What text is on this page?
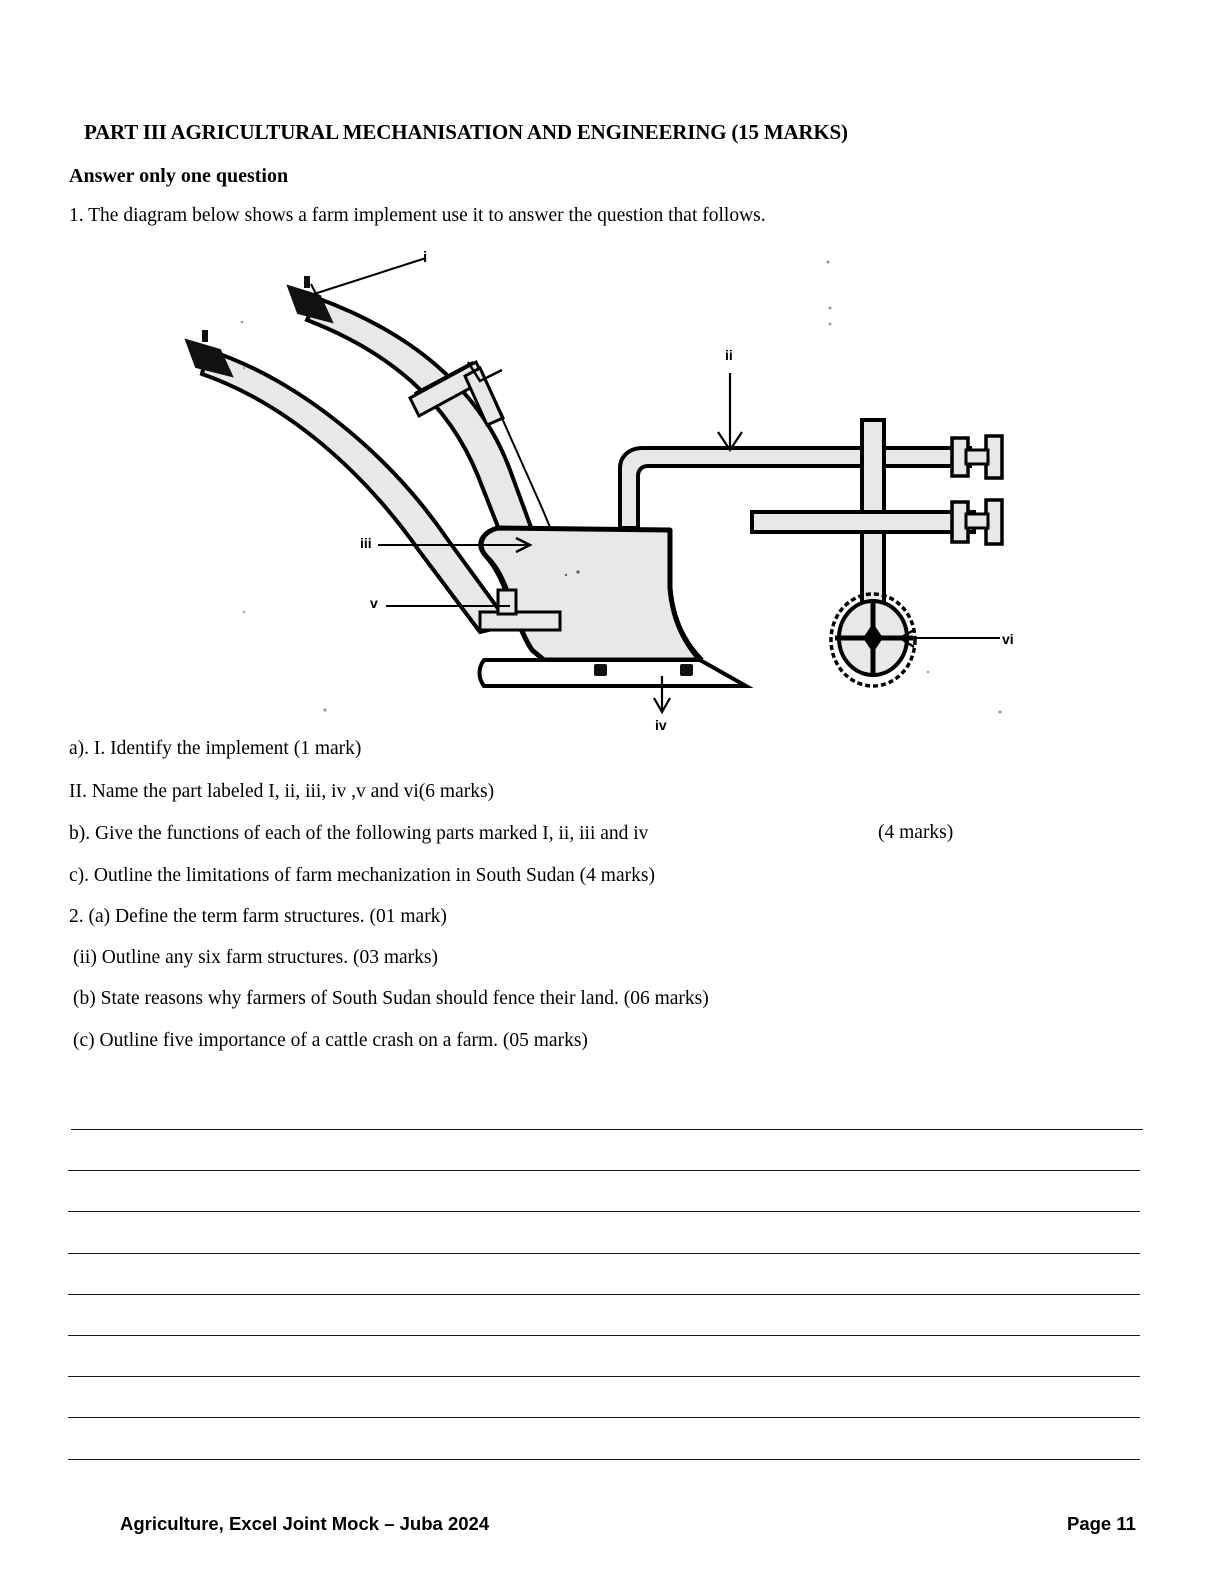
PART III AGRICULTURAL MECHANISATION AND ENGINEERING (15 MARKS)
Answer only one question
1. The diagram below shows a farm implement use it to answer the question that follows.
i
ii
iii
iv
v
vi
a). I. Identify the implement (1 mark)
II. Name the part labeled I, ii, iii, iv ,v and vi(6 marks)
b). Give the functions of each of the following parts marked I, ii, iii and iv	(4 marks)
c). Outline the limitations of farm mechanization in South Sudan (4 marks)
2. (a) Define the term farm structures. (01 mark)
(ii) Outline any six farm structures. (03 marks)
(b) State reasons why farmers of South Sudan should fence their land. (06 marks)
(c) Outline five importance of a cattle crash on a farm. (05 marks)
Agriculture, Excel Joint Mock – Juba 2024	Page 11
